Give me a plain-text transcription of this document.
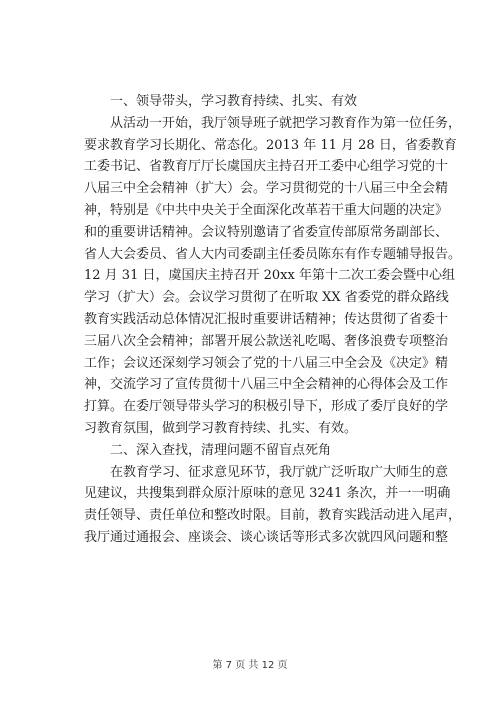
一、领导带头，学习教育持续、扎实、有效
从活动一开始，我厅领导班子就把学习教育作为第一位任务，
要求教育学习长期化、常态化。2013 年 11 月 28 日，省委教育
工委书记、省教育厅厅长虞国庆主持召开工委中心组学习党的十
八届三中全会精神（扩大）会。学习贯彻党的十八届三中全会精
神，特别是《中共中央关于全面深化改革若干重大问题的决定》
和的重要讲话精神。会议特别邀请了省委宣传部原常务副部长、
省人大会委员、省人大内司委副主任委员陈东有作专题辅导报告。
12 月 31 日，虞国庆主持召开 20xx 年第十二次工委会暨中心组
学习（扩大）会。会议学习贯彻了在听取 XX 省委党的群众路线
教育实践活动总体情况汇报时重要讲话精神；传达贯彻了省委十
三届八次全会精神；部署开展公款送礼吃喝、奢侈浪费专项整治
工作；会议还深刻学习领会了党的十八届三中全会及《决定》精
神，交流学习了宣传贯彻十八届三中全会精神的心得体会及工作
打算。在委厅领导带头学习的积极引导下，形成了委厅良好的学
习教育氛围，做到学习教育持续、扎实、有效。
二、深入查找，清理问题不留盲点死角
在教育学习、征求意见环节，我厅就广泛听取广大师生的意
见建议，共搜集到群众原汁原味的意见 3241 条次，并一一明确
责任领导、责任单位和整改时限。目前，教育实践活动进入尾声，
我厅通过通报会、座谈会、谈心谈话等形式多次就四风问题和整
第 7 页 共 12 页
